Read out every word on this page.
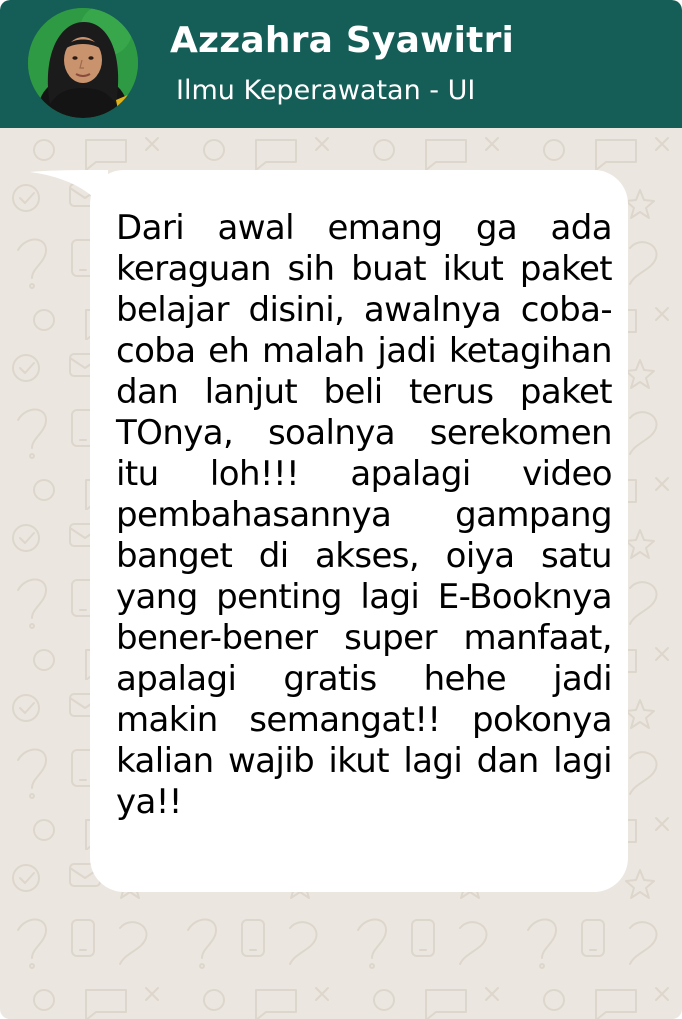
Azzahra Syawitri
Ilmu Keperawatan - UI

Dari awal emang ga ada keraguan sih buat ikut paket belajar disini, awalnya coba-coba eh malah jadi ketagihan dan lanjut beli terus paket TOnya, soalnya serekomen itu loh!!! apalagi video pembahasannya gampang banget di akses, oiya satu yang penting lagi E-Booknya bener-bener super manfaat, apalagi gratis hehe jadi makin semangat!! pokonya kalian wajib ikut lagi dan lagi ya!!
